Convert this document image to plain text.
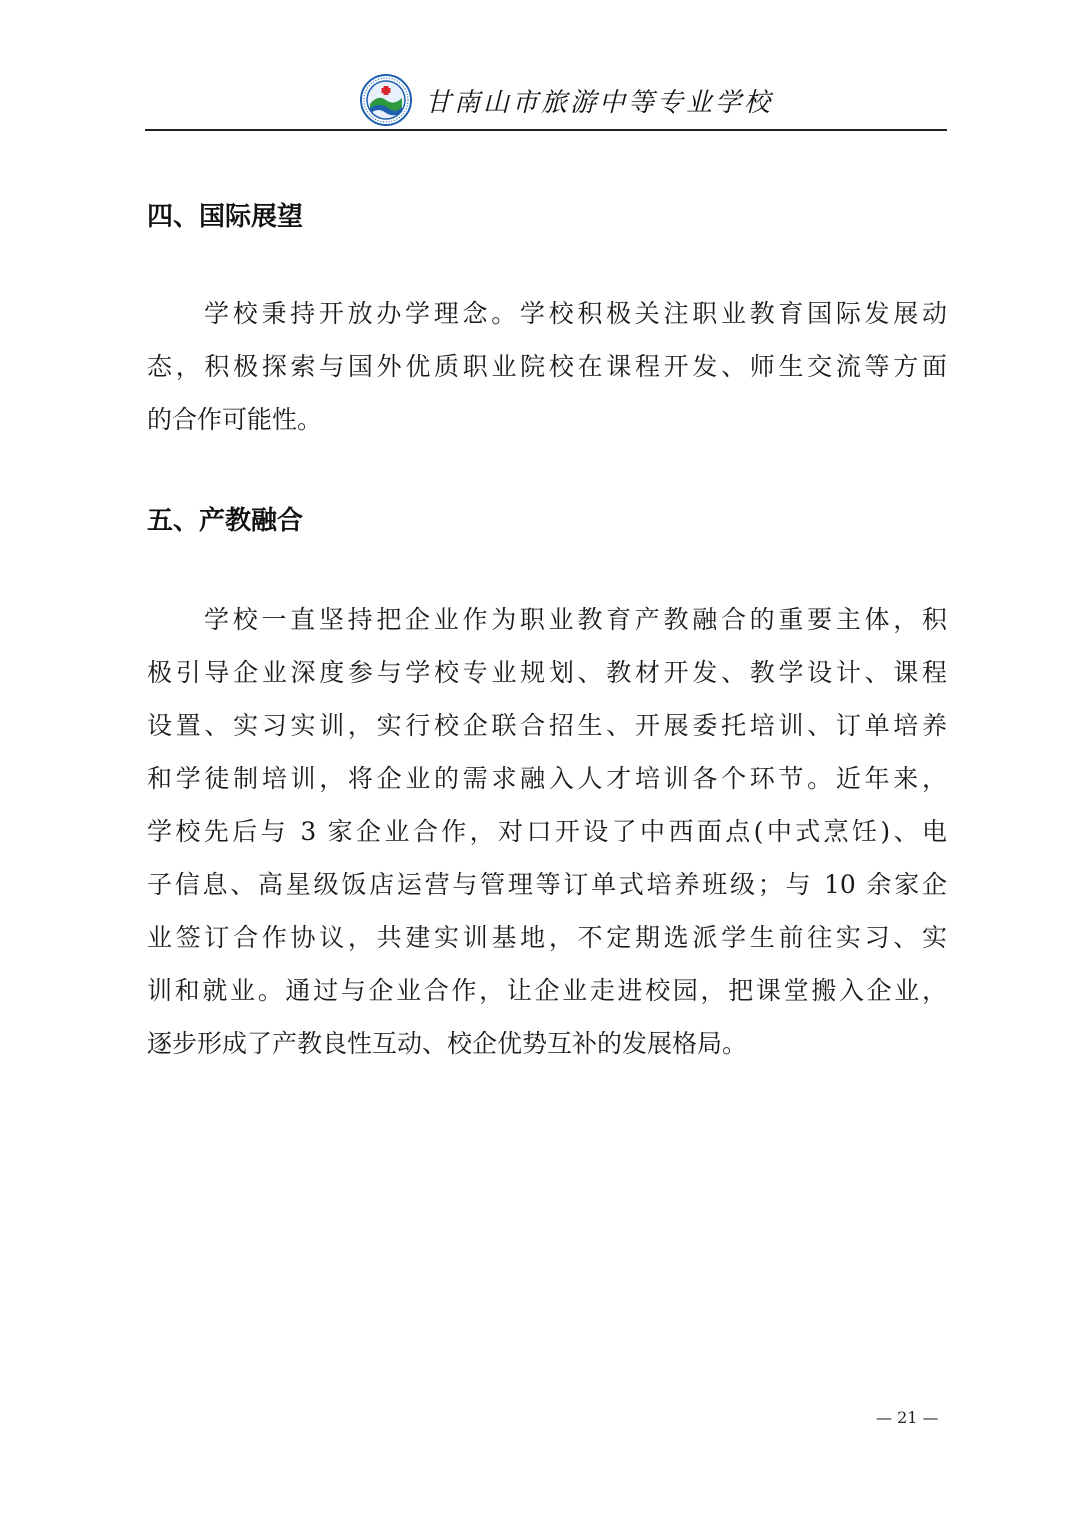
甘南山市旅游中等专业学校
四、国际展望
学校秉持开放办学理念。学校积极关注职业教育国际发展动
态，积极探索与国外优质职业院校在课程开发、师生交流等方面
的合作可能性。
五、产教融合
学校一直坚持把企业作为职业教育产教融合的重要主体，积
极引导企业深度参与学校专业规划、教材开发、教学设计、课程
设置、实习实训，实行校企联合招生、开展委托培训、订单培养
和学徒制培训，将企业的需求融入人才培训各个环节。近年来，
学校先后与 3 家企业合作，对口开设了中西面点(中式烹饪)、电
子信息、高星级饭店运营与管理等订单式培养班级；与 10 余家企
业签订合作协议，共建实训基地，不定期选派学生前往实习、实
训和就业。通过与企业合作，让企业走进校园，把课堂搬入企业，
逐步形成了产教良性互动、校企优势互补的发展格局。
— 21 —
